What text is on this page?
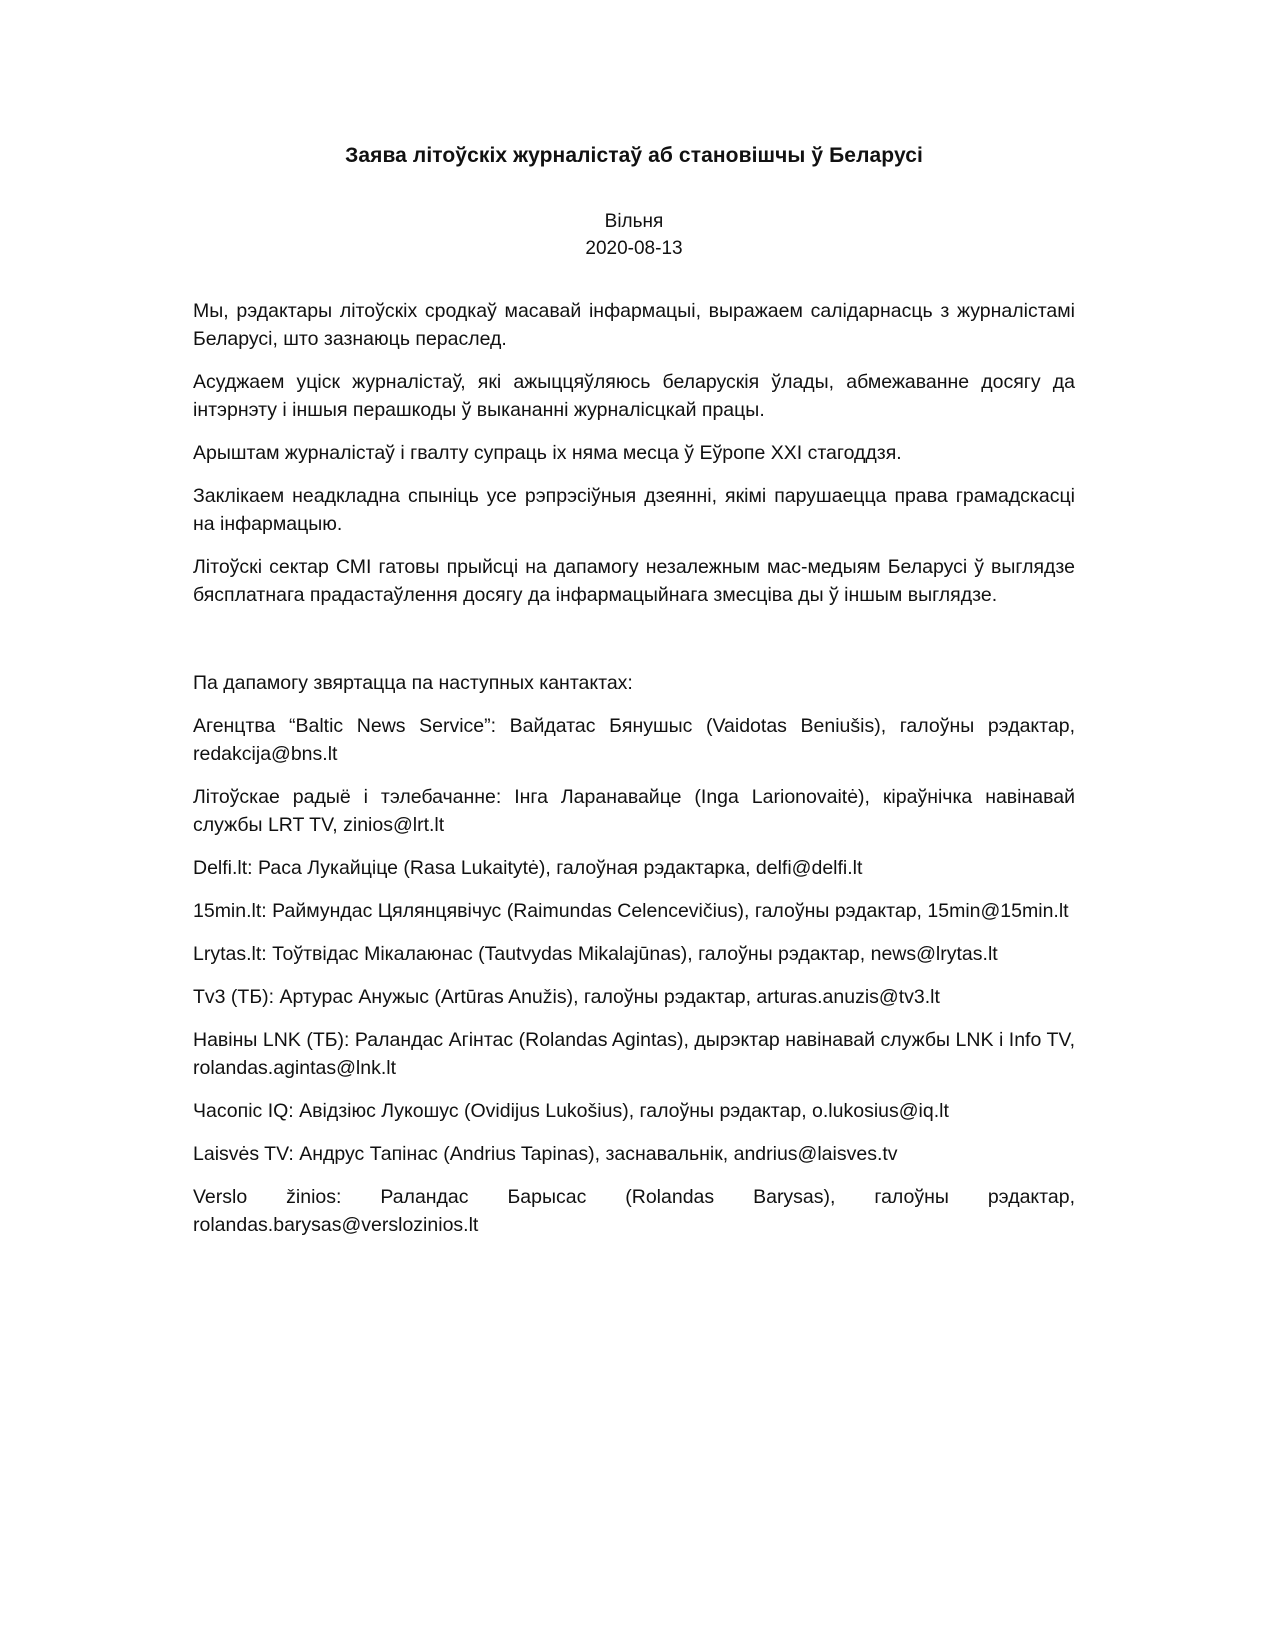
Заява літоўскіх журналістаў аб становішчы ў Беларусі
Вільня
2020-08-13

Мы, рэдактары літоўскіх сродкаў масавай інфармацыі, выражаем салідарнасць з журналістамі Беларусі, што зазнаюць пераслед.

Асуджаем уціск журналістаў, які ажыццяўляюсь беларускія ўлады, абмежаванне досягу да інтэрнэту і іншыя перашкоды ў выкананні журналісцкай працы.

Арыштам журналістаў і гвалту супраць іх няма месца ў Еўропе XXI стагоддзя.

Заклікаем неадкладна спыніць усе рэпрэсіўныя дзеянні, якімі парушаецца права грамадскасці на інфармацыю.

Літоўскі сектар СМІ гатовы прыйсці на дапамогу незалежным мас-медыям Беларусі ў выглядзе бясплатнага прадастаўлення досягу да інфармацыйнага змесціва ды ў іншым выглядзе.

Па дапамогу звяртацца па наступных кантактах:

Агенцтва “Baltic News Service”: Вайдатас Бянушыс (Vaidotas Beniušis), галоўны рэдактар, redakcija@bns.lt

Літоўскае радыё і тэлебачанне: Інга Ларанавайце (Inga Larionovaitė), кіраўнічка навінавай службы LRT TV, zinios@lrt.lt

Delfi.lt: Раса Лукайціце (Rasa Lukaitytė), галоўная рэдактарка, delfi@delfi.lt

15min.lt: Раймундас Цялянцявічус (Raimundas Celencevičius), галоўны рэдактар, 15min@15min.lt

Lrytas.lt: Тоўтвідас Мікалаюнас (Tautvydas Mikalajūnas), галоўны рэдактар, news@lrytas.lt

Tv3 (ТБ): Артурас Анужыс (Artūras Anužis), галоўны рэдактар, arturas.anuzis@tv3.lt

Навіны LNK (ТБ): Раландас Агінтас (Rolandas Agintas), дырэктар навінавай службы LNK і Info TV, rolandas.agintas@lnk.lt

Часопіс IQ: Авідзіюс Лукошус (Ovidijus Lukošius), галоўны рэдактар, o.lukosius@iq.lt

Laisvės TV: Андрус Тапінас (Andrius Tapinas), заснавальнік, andrius@laisves.tv

Verslo žinios: Раландас Барысас (Rolandas Barysas), галоўны рэдактар, rolandas.barysas@verslozinios.lt
